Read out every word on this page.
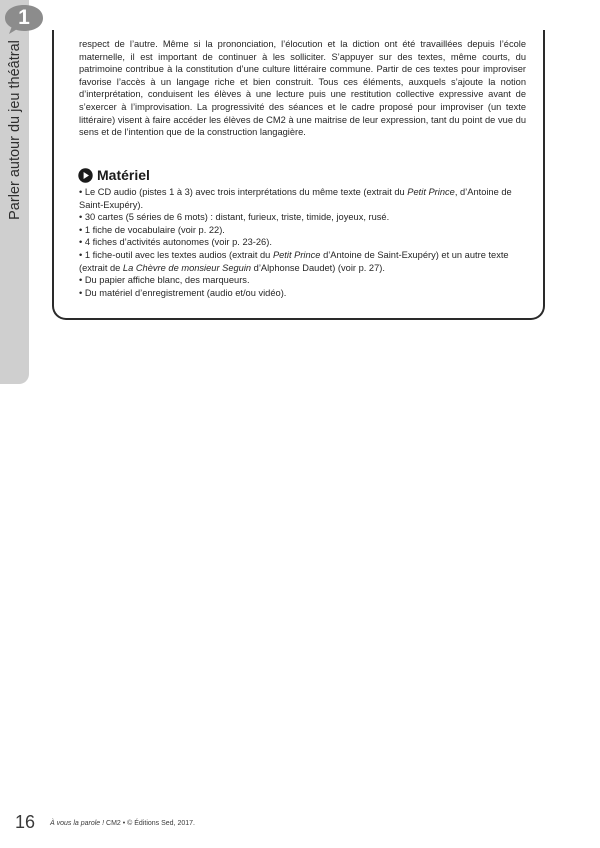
1
Parler autour du jeu théâtral	respect de l’autre. Même si la prononciation, l’élocution et la diction ont été travaillées depuis l’école maternelle, il est important de continuer à les solliciter. S’appuyer sur des textes, même courts, du patrimoine contribue à la constitution d’une culture littéraire commune. Partir de ces textes pour improviser favorise l’accès à un langage riche et bien construit. Tous ces éléments, auxquels s’ajoute la notion d’interprétation, conduisent les élèves à une lecture puis une restitution collective expressive avant de s’exercer à l’improvisation. La progressivité des séances et le cadre proposé pour improviser (un texte littéraire) visent à faire accéder les élèves de CM2 à une maitrise de leur expression, tant du point de vue du sens et de l’intention que de la construction langagière.

Matériel
• Le CD audio (pistes 1 à 3) avec trois interprétations du même texte (extrait du Petit Prince, d’Antoine de Saint-Exupéry).
• 30 cartes (5 séries de 6 mots) : distant, furieux, triste, timide, joyeux, rusé.
• 1 fiche de vocabulaire (voir p. 22).
• 4 fiches d’activités autonomes (voir p. 23-26).
• 1 fiche-outil avec les textes audios (extrait du Petit Prince d’Antoine de Saint-Exupéry) et un autre texte (extrait de La Chèvre de monsieur Seguin d’Alphonse Daudet) (voir p. 27).
• Du papier affiche blanc, des marqueurs.
• Du matériel d’enregistrement (audio et/ou vidéo).
16 À vous la parole ! CM2 • © Éditions Sed, 2017.
